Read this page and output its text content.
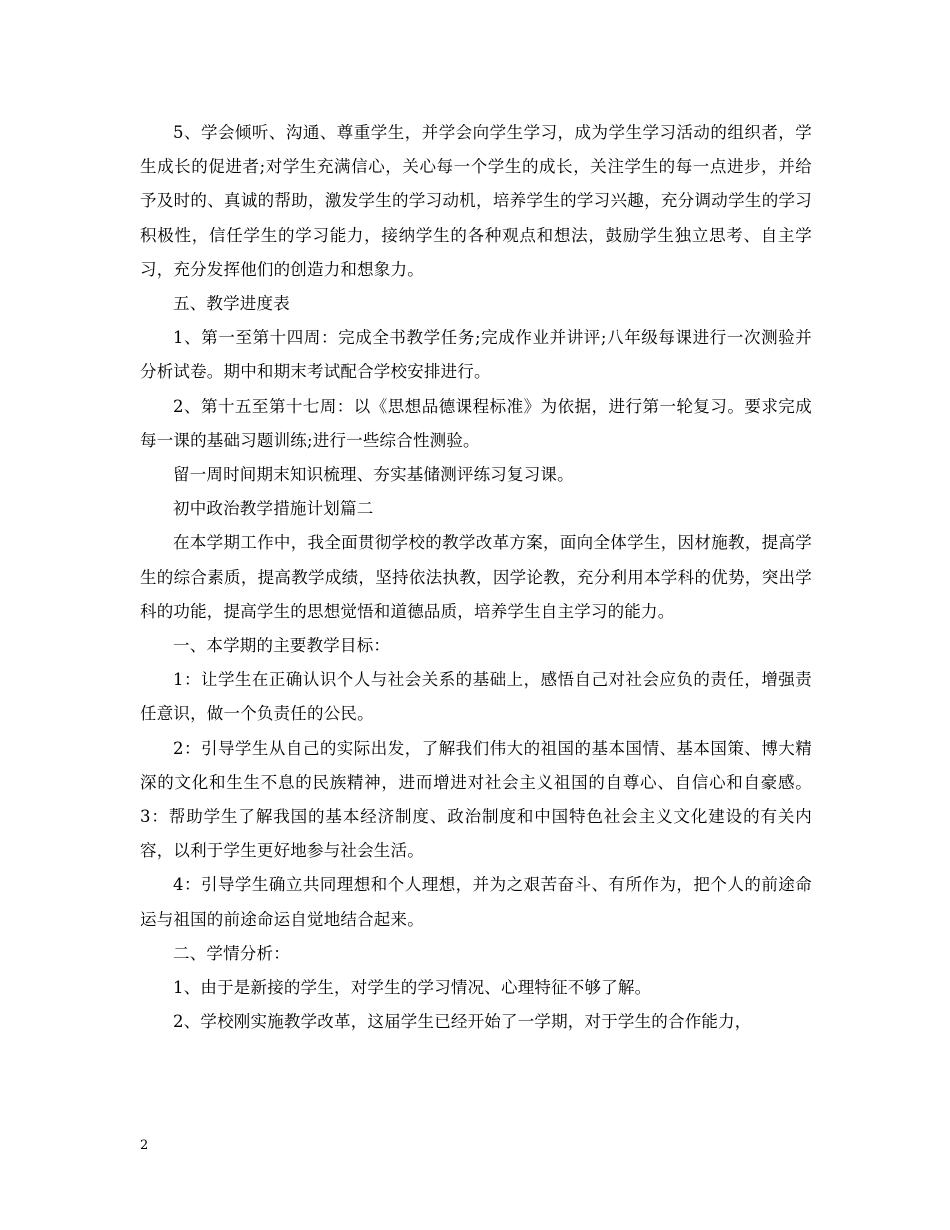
5、学会倾听、沟通、尊重学生，并学会向学生学习，成为学生学习活动的组织者，学生成长的促进者;对学生充满信心，关心每一个学生的成长，关注学生的每一点进步，并给予及时的、真诚的帮助，激发学生的学习动机，培养学生的学习兴趣，充分调动学生的学习积极性，信任学生的学习能力，接纳学生的各种观点和想法，鼓励学生独立思考、自主学习，充分发挥他们的创造力和想象力。

五、教学进度表

1、第一至第十四周：完成全书教学任务;完成作业并讲评;八年级每课进行一次测验并分析试卷。期中和期末考试配合学校安排进行。

2、第十五至第十七周：以《思想品德课程标准》为依据，进行第一轮复习。要求完成每一课的基础习题训练;进行一些综合性测验。

留一周时间期末知识梳理、夯实基储测评练习复习课。

初中政治教学措施计划篇二

在本学期工作中，我全面贯彻学校的教学改革方案，面向全体学生，因材施教，提高学生的综合素质，提高教学成绩，坚持依法执教，因学论教，充分利用本学科的优势，突出学科的功能，提高学生的思想觉悟和道德品质，培养学生自主学习的能力。

一、本学期的主要教学目标：

1：让学生在正确认识个人与社会关系的基础上，感悟自己对社会应负的责任，增强责任意识，做一个负责任的公民。

2：引导学生从自己的实际出发，了解我们伟大的祖国的基本国情、基本国策、博大精深的文化和生生不息的民族精神，进而增进对社会主义祖国的自尊心、自信心和自豪感。 3：帮助学生了解我国的基本经济制度、政治制度和中国特色社会主义文化建设的有关内容，以利于学生更好地参与社会生活。

4：引导学生确立共同理想和个人理想，并为之艰苦奋斗、有所作为，把个人的前途命运与祖国的前途命运自觉地结合起来。

二、学情分析：

1、由于是新接的学生，对学生的学习情况、心理特征不够了解。

2、学校刚实施教学改革，这届学生已经开始了一学期，对于学生的合作能力，

2
